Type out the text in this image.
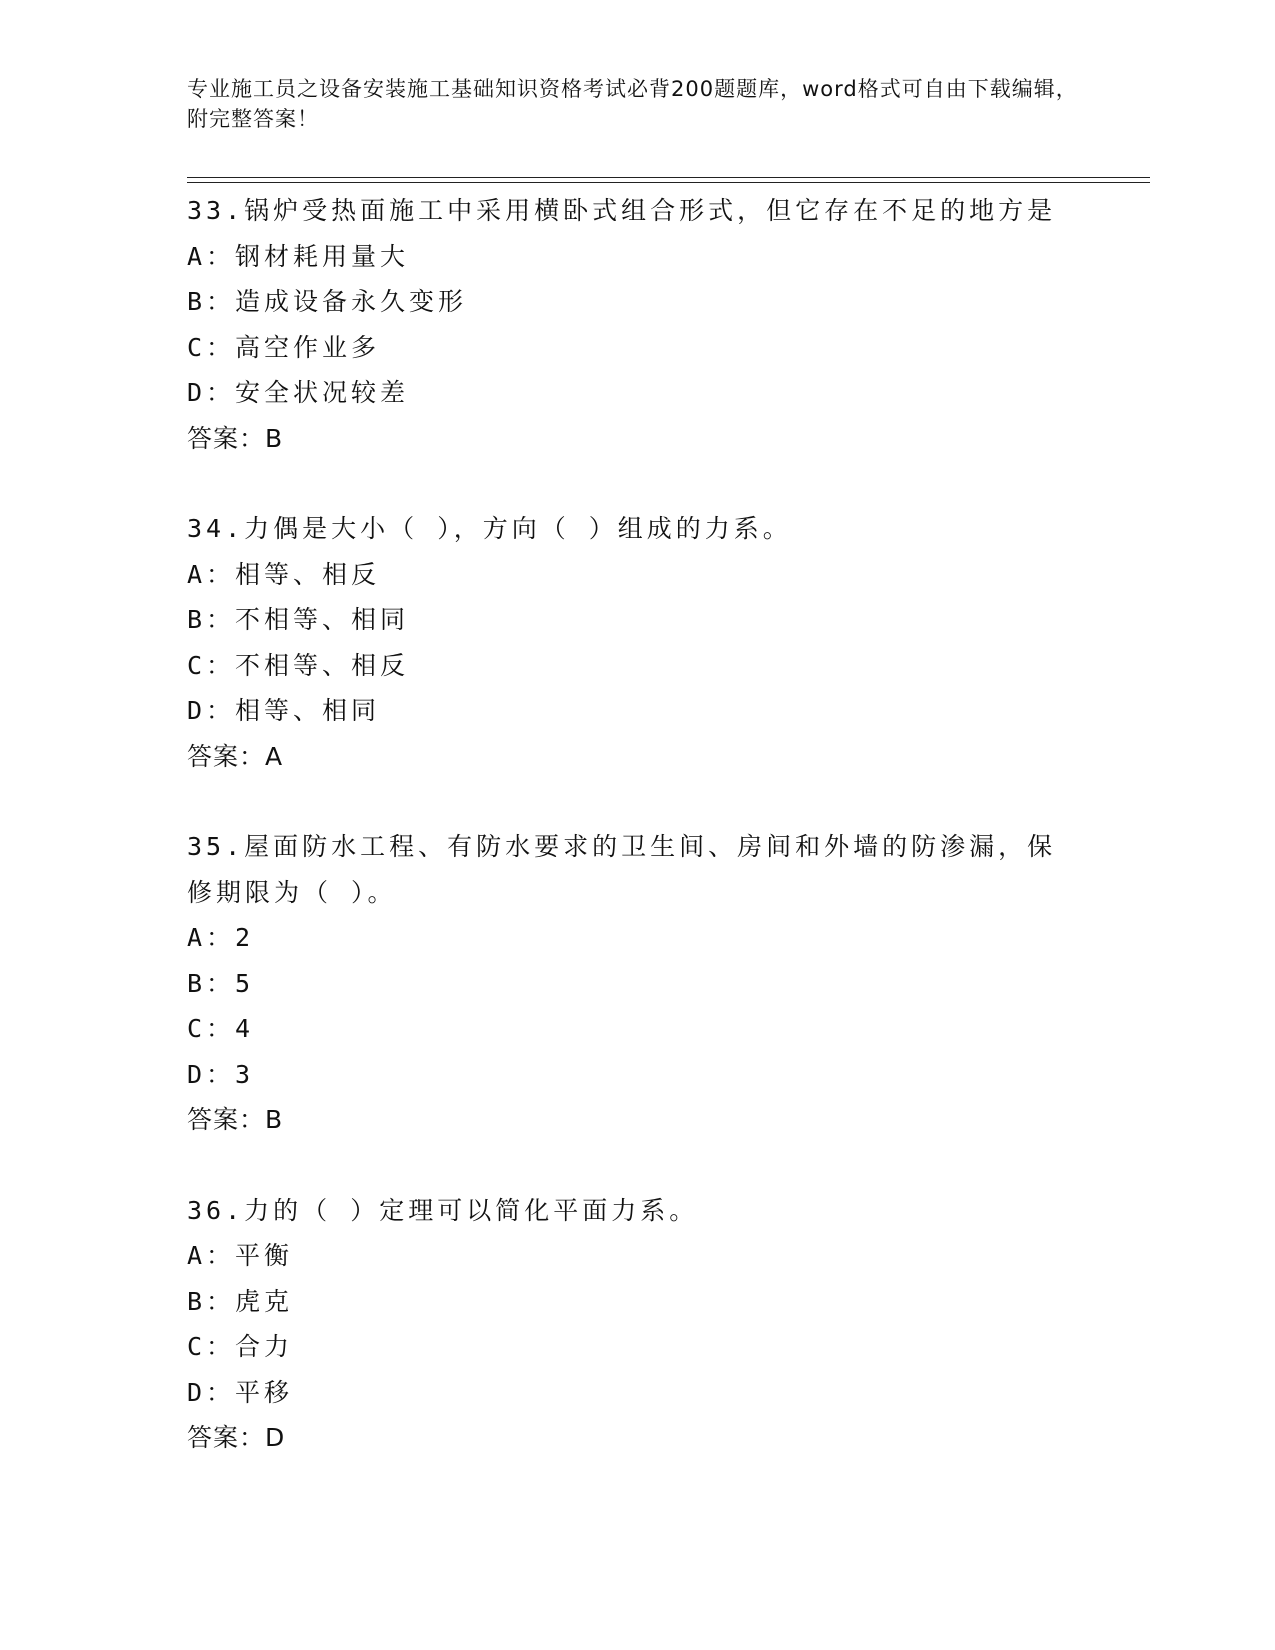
专业施工员之设备安装施工基础知识资格考试必背200题题库，word格式可自由下载编辑，附完整答案！
33.锅炉受热面施工中采用横卧式组合形式，但它存在不足的地方是
A：钢材耗用量大
B：造成设备永久变形
C：高空作业多
D：安全状况较差
答案：B
34.力偶是大小（ ），方向（ ）组成的力系。
A：相等、相反
B：不相等、相同
C：不相等、相反
D：相等、相同
答案：A
35.屋面防水工程、有防水要求的卫生间、房间和外墙的防渗漏，保修期限为（ ）。
A：2
B：5
C：4
D：3
答案：B
36.力的（ ）定理可以简化平面力系。
A：平衡
B：虎克
C：合力
D：平移
答案：D
